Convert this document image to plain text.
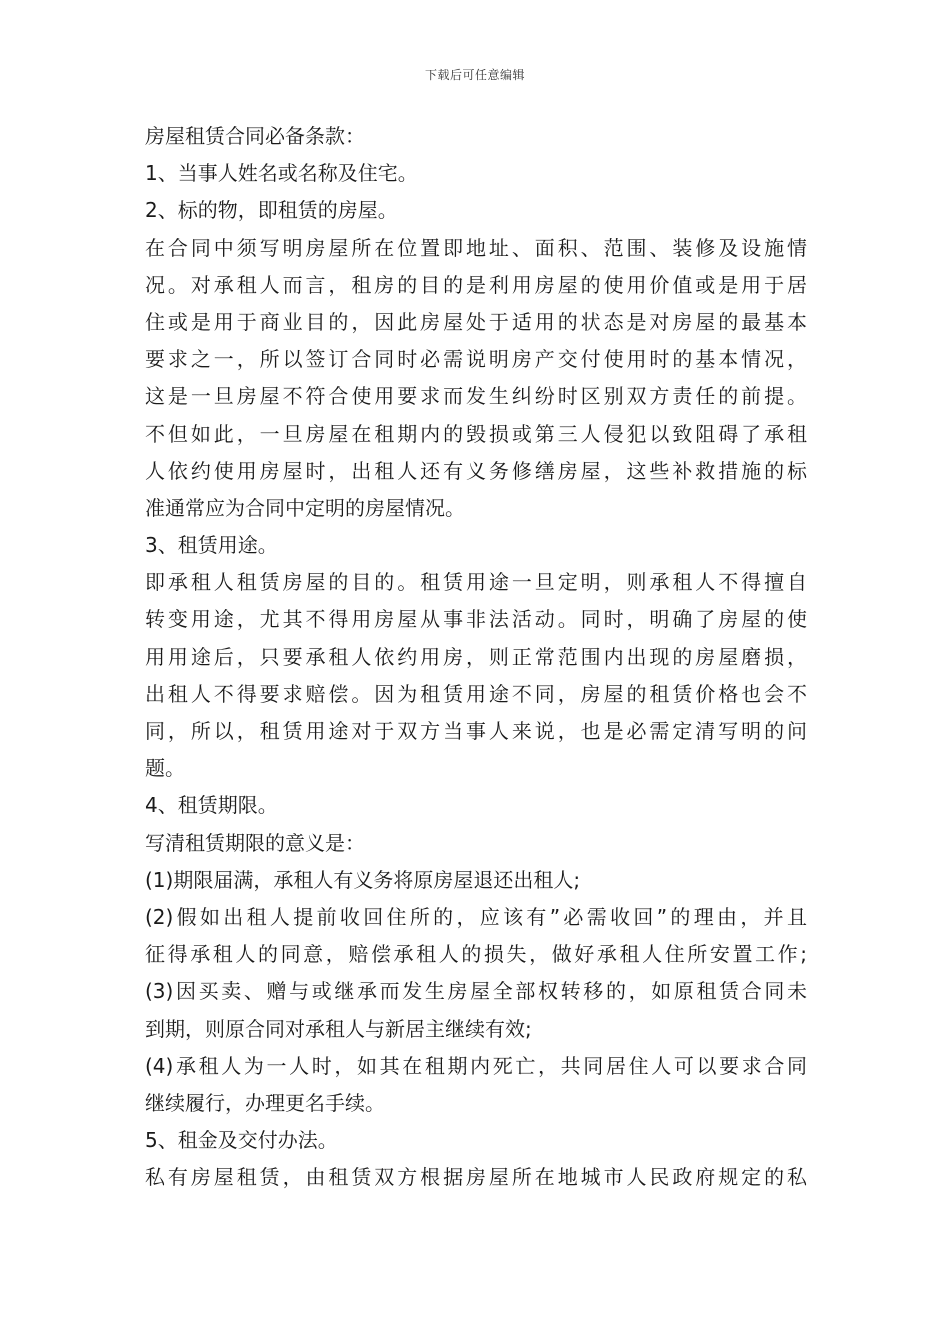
下载后可任意编辑
房屋租赁合同必备条款：
1、当事人姓名或名称及住宅。
2、标的物，即租赁的房屋。
在合同中须写明房屋所在位置即地址、面积、范围、装修及设施情
况。对承租人而言，租房的目的是利用房屋的使用价值或是用于居
住或是用于商业目的，因此房屋处于适用的状态是对房屋的最基本
要求之一，所以签订合同时必需说明房产交付使用时的基本情况，
这是一旦房屋不符合使用要求而发生纠纷时区别双方责任的前提。
不但如此，一旦房屋在租期内的毁损或第三人侵犯以致阻碍了承租
人依约使用房屋时，出租人还有义务修缮房屋，这些补救措施的标
准通常应为合同中定明的房屋情况。
3、租赁用途。
即承租人租赁房屋的目的。租赁用途一旦定明，则承租人不得擅自
转变用途，尤其不得用房屋从事非法活动。同时，明确了房屋的使
用用途后，只要承租人依约用房，则正常范围内出现的房屋磨损，
出租人不得要求赔偿。因为租赁用途不同，房屋的租赁价格也会不
同，所以，租赁用途对于双方当事人来说，也是必需定清写明的问
题。
4、租赁期限。
写清租赁期限的意义是：
(1)期限届满，承租人有义务将原房屋退还出租人;
(2)假如出租人提前收回住所的，应该有”必需收回”的理由，并且
征得承租人的同意，赔偿承租人的损失，做好承租人住所安置工作;
(3)因买卖、赠与或继承而发生房屋全部权转移的，如原租赁合同未
到期，则原合同对承租人与新居主继续有效;
(4)承租人为一人时，如其在租期内死亡，共同居住人可以要求合同
继续履行，办理更名手续。
5、租金及交付办法。
私有房屋租赁，由租赁双方根据房屋所在地城市人民政府规定的私
